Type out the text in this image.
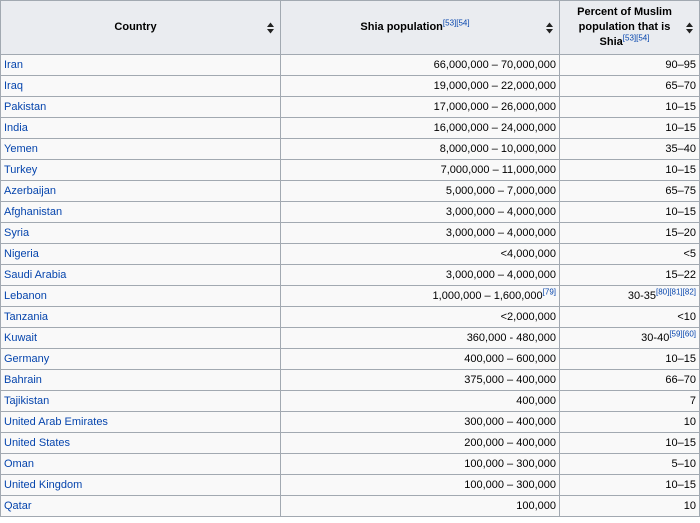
Country	Shia population[53][54]	Percent of Muslim population that is Shia[53][54]

Iran	66,000,000 – 70,000,000	90–95
Iraq	19,000,000 – 22,000,000	65–70
Pakistan	17,000,000 – 26,000,000	10–15
India	16,000,000 – 24,000,000	10–15
Yemen	8,000,000 – 10,000,000	35–40
Turkey	7,000,000 – 11,000,000	10–15
Azerbaijan	5,000,000 – 7,000,000	65–75
Afghanistan	3,000,000 – 4,000,000	10–15
Syria	3,000,000 – 4,000,000	15–20
Nigeria	<4,000,000	<5
Saudi Arabia	3,000,000 – 4,000,000	15–22
Lebanon	1,000,000 – 1,600,000[79]	30-35[80][81][82]
Tanzania	<2,000,000	<10
Kuwait	360,000 - 480,000	30-40[59][60]
Germany	400,000 – 600,000	10–15
Bahrain	375,000 – 400,000	66–70
Tajikistan	400,000	7
United Arab Emirates	300,000 – 400,000	10
United States	200,000 – 400,000	10–15
Oman	100,000 – 300,000	5–10
United Kingdom	100,000 – 300,000	10–15
Qatar	100,000	10
